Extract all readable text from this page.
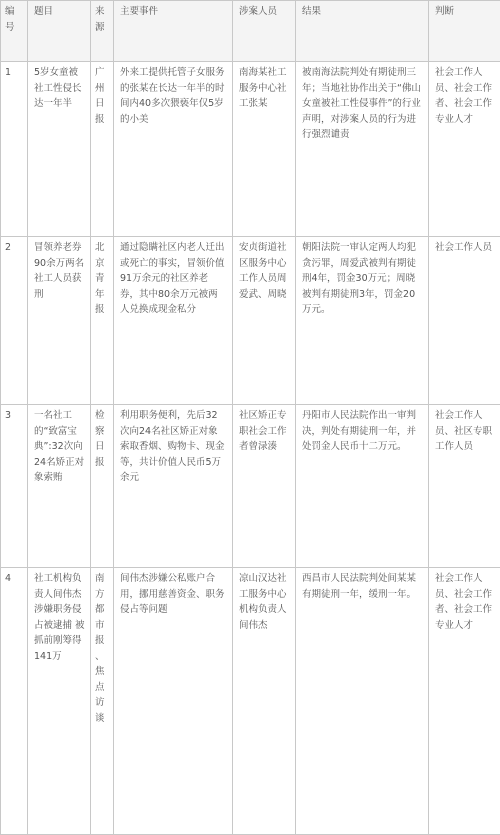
编号	题目	来源	主要事件	涉案人员	结果	判断
1	5岁女童被社工性侵长达一年半	广州日报	外来工提供托管子女服务的张某在长达一年半的时间内40多次猥亵年仅5岁的小美	南海某社工服务中心社工张某	被南海法院判处有期徒刑三年；当地社协作出关于“佛山女童被社工性侵事件”的行业声明，对涉案人员的行为进行强烈谴责	社会工作人员、社会工作者、社会工作专业人才
2	冒领养老券90余万两名社工人员获刑	北京青年报	通过隐瞒社区内老人迁出或死亡的事实，冒领价值91万余元的社区养老券，其中80余万元被两人兑换成现金私分	安贞街道社区服务中心工作人员周爱武、周晓	朝阳法院一审认定两人均犯贪污罪，周爱武被判有期徒刑4年，罚金30万元；周晓被判有期徒刑3年，罚金20万元。	社会工作人员
3	一名社工的“致富宝典”:32次向24名矫正对象索贿	检察日报	利用职务便利，先后32次向24名社区矫正对象索取香烟、购物卡、现金等，共计价值人民币5万余元	社区矫正专职社会工作者曾渌湊	丹阳市人民法院作出一审判决，判处有期徒刑一年，并处罚金人民币十二万元。	社会工作人员、社区专职工作人员
4	社工机构负责人间伟杰涉嫌职务侵占被逮捕 被抓前刚筹得141万	南方都市报、焦点访谈	间伟杰涉嫌公私账户合用，挪用慈善资金、职务侵占等问题	凉山汉达社工服务中心机构负责人间伟杰	西昌市人民法院判处间某某有期徒刑一年，缓刑一年。	社会工作人员、社会工作者、社会工作专业人才
